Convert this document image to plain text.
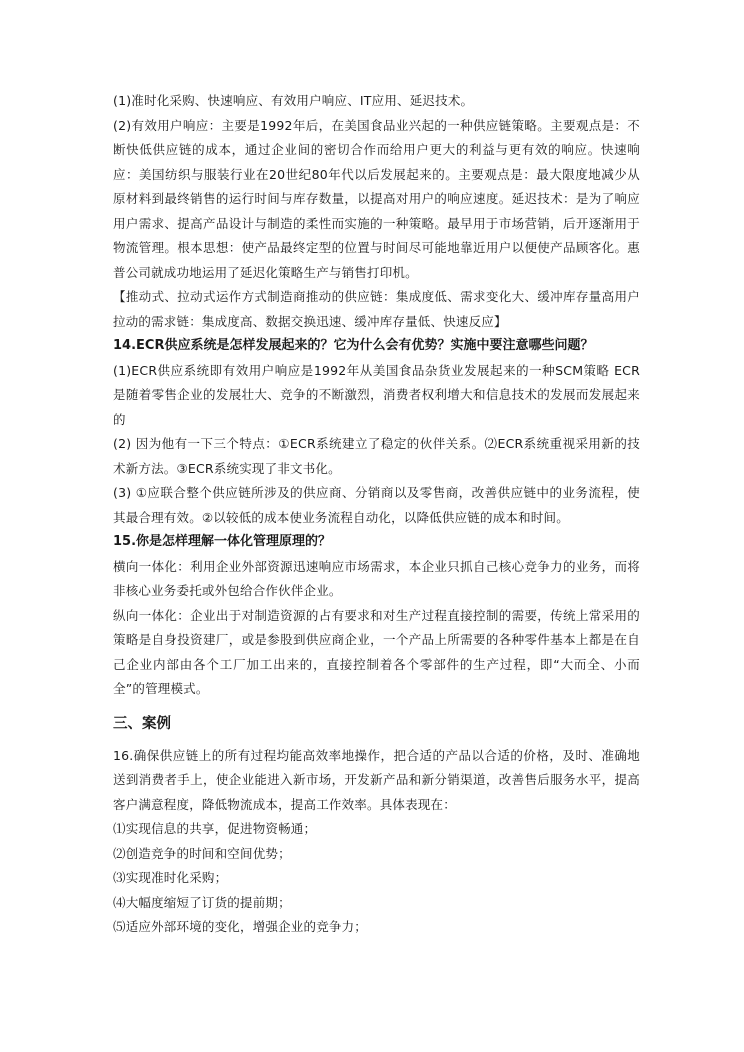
(1)准时化采购、快速响应、有效用户响应、IT应用、延迟技术。

(2)有效用户响应：主要是1992年后，在美国食品业兴起的一种供应链策略。主要观点是：不断快低供应链的成本，通过企业间的密切合作而给用户更大的利益与更有效的响应。快速响应：美国纺织与服装行业在20世纪80年代以后发展起来的。主要观点是：最大限度地减少从原材料到最终销售的运行时间与库存数量，以提高对用户的响应速度。延迟技术：是为了响应用户需求、提高产品设计与制造的柔性而实施的一种策略。最早用于市场营销，后开逐渐用于物流管理。根本思想：使产品最终定型的位置与时间尽可能地靠近用户以便使产品顾客化。惠普公司就成功地运用了延迟化策略生产与销售打印机。

【推动式、拉动式运作方式制造商推动的供应链：集成度低、需求变化大、缓冲库存量高用户拉动的需求链：集成度高、数据交换迅速、缓冲库存量低、快速反应】

14.ECR供应系统是怎样发展起来的？它为什么会有优势？实施中要注意哪些问题？

(1)ECR供应系统即有效用户响应是1992年从美国食品杂货业发展起来的一种SCM策略 ECR是随着零售企业的发展壮大、竞争的不断激烈，消费者权利增大和信息技术的发展而发展起来的

(2) 因为他有一下三个特点：①ECR系统建立了稳定的伙伴关系。⑵ECR系统重视采用新的技术新方法。③ECR系统实现了非文书化。

(3) ①应联合整个供应链所涉及的供应商、分销商以及零售商，改善供应链中的业务流程，使其最合理有效。②以较低的成本使业务流程自动化，以降低供应链的成本和时间。

15.你是怎样理解一体化管理原理的？

横向一体化：利用企业外部资源迅速响应市场需求，本企业只抓自己核心竞争力的业务，而将非核心业务委托或外包给合作伙伴企业。

纵向一体化：企业出于对制造资源的占有要求和对生产过程直接控制的需要，传统上常采用的策略是自身投资建厂，或是参股到供应商企业，一个产品上所需要的各种零件基本上都是在自己企业内部由各个工厂加工出来的，直接控制着各个零部件的生产过程，即“大而全、小而全”的管理模式。

三、案例

16.确保供应链上的所有过程均能高效率地操作，把合适的产品以合适的价格，及时、准确地送到消费者手上，使企业能进入新市场，开发新产品和新分销渠道，改善售后服务水平，提高客户满意程度，降低物流成本，提高工作效率。具体表现在：

⑴实现信息的共享，促进物资畅通；

⑵创造竞争的时间和空间优势；

⑶实现准时化采购；

⑷大幅度缩短了订货的提前期；

⑸适应外部环境的变化，增强企业的竞争力；
